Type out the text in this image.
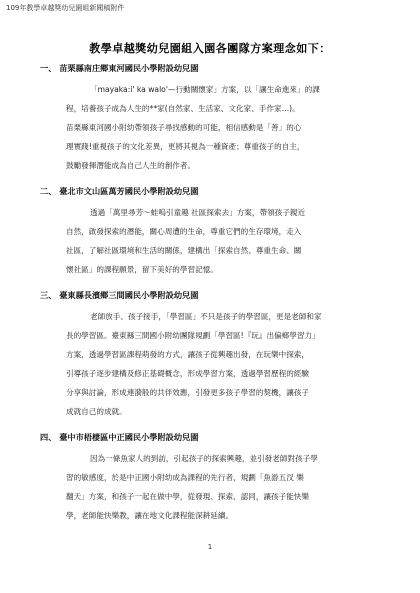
109年教學卓越獎幼兒園組新聞稿附件
教學卓越獎幼兒園組入園各團隊方案理念如下：
一、 苗栗縣南庄鄉東河國民小學附設幼兒園
「mayaka:i' ka walo'—行動關懷家」方案，以「讓生命進來」的課
程，培養孩子成為人生的**家(自然家、生活家、文化家、手作家…)。
苗栗縣東河國小附幼帶領孩子尋找感動的可能，相信感動是「善」的心
理實踐!重視孩子的文化差異，更將其視為一種資產；尊重孩子的自主，
鼓勵發揮潛能成為自己人生的創作者。
二、 臺北市文山區萬芳國民小學附設幼兒園
透過「萬里尋芳～蛙嗚引童趣 社區探索去」方案，帶領孩子親近
自然，啟發探索的潛能，關心周遭的生命，尊重它們的生存環境，走入
社區，了解社區環境和生活的關係，建構出「探索自然、尊重生命、關
懷社區」的課程願景，留下美好的學習記憶。
三、 臺東縣長濱鄉三間國民小學附設幼兒園
老師放手、孩子接手，「學習區」不只是孩子的學習區，更是老師和家
長的學習區。臺東縣三間國小附幼團隊規劃「學習區!『玩』出偏鄉學習力」
方案，透過學習區課程萌發的方式，讓孩子從興趣出發，在玩樂中探索，
引導孩子逐步建構及修正基礎概念，形成學習方案，透過學習歷程的經驗
分享與討論，形成連漪般的共伴效應，引發更多孩子學習的契機，讓孩子
成就自己的成就。
四、 臺中市梧棲區中正國民小學附設幼兒園
因為一條魚家人的到訪，引起孩子的探索興趣，並引發老師對孩子學
習的敏感度，於是中正國小附幼成為課程的先行者，規劃「魚游五汊 樂
翻天」方案，和孩子一起在做中學，從發現、探索、認同，讓孩子能快樂
學，老師能快樂教，讓在地文化課程能深耕延續。
1
